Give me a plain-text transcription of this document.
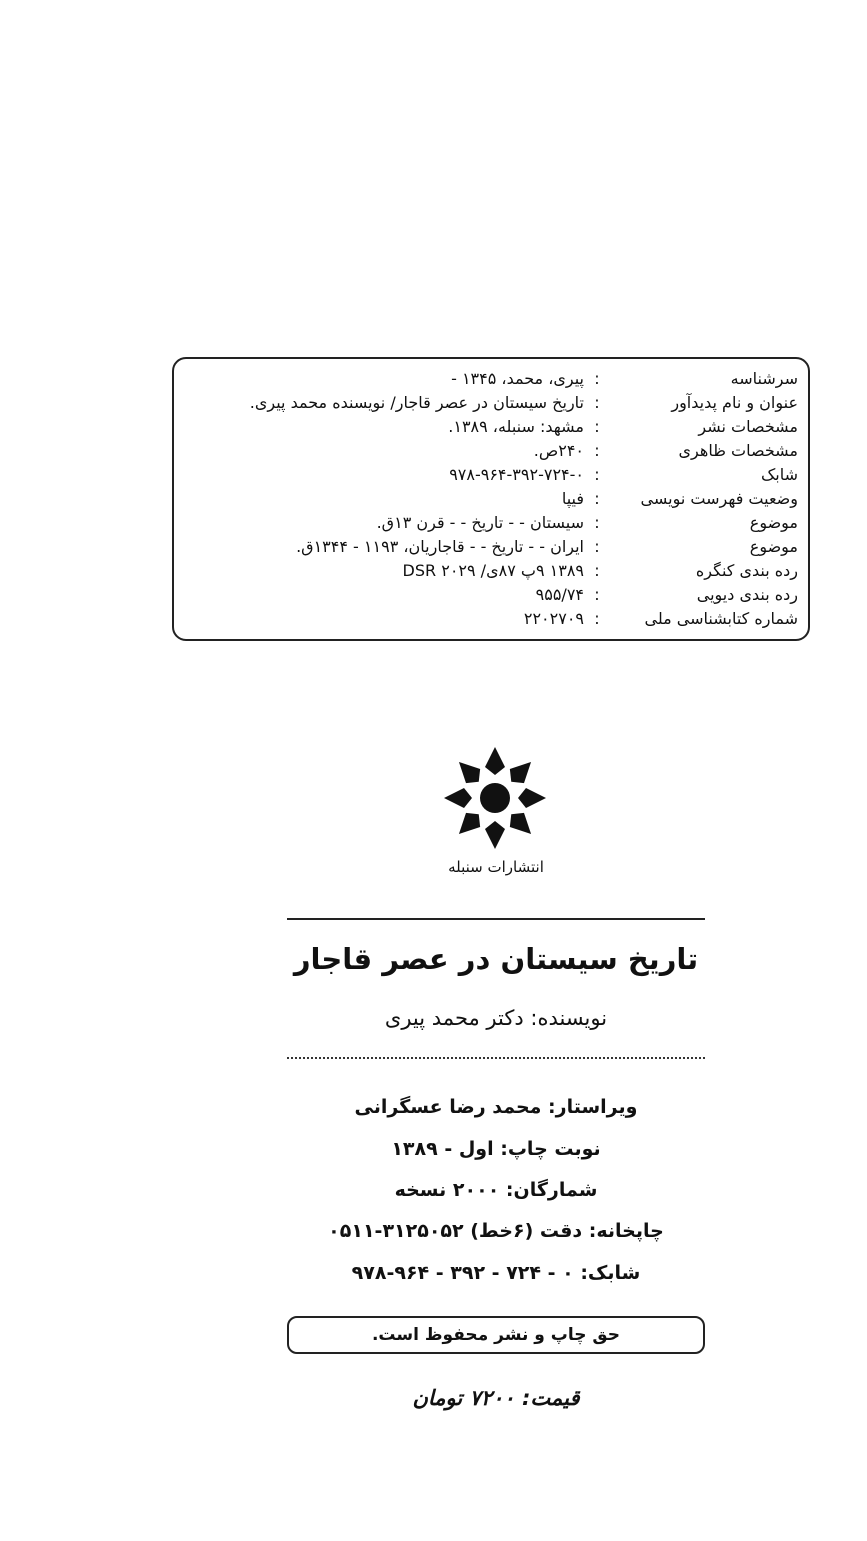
سرشناسه
:
پیری، محمد، ۱۳۴۵ -
عنوان و نام پدیدآور
:
تاریخ سیستان در عصر قاجار/ نویسنده محمد پیری.
مشخصات نشر
:
مشهد: سنبله، ۱۳۸۹.
مشخصات ظاهری
:
۲۴۰ص.
شابک
:
۹۷۸-۹۶۴-۳۹۲-۷۲۴-۰
وضعیت فهرست نویسی
:
فیپا
موضوع
:
سیستان - - تاریخ - - قرن ۱۳ق.
موضوع
:
ایران - - تاریخ - - قاجاریان، ۱۱۹۳ - ۱۳۴۴ق.
رده بندی کنگره
:
۱۳۸۹ ۹پ ۸۷ی/ ۲۰۲۹ DSR
رده بندی دیویی
:
۹۵۵/۷۴
شماره کتابشناسی ملی
:
۲۲۰۲۷۰۹
انتشارات سنبله
تاریخ سیستان در عصر قاجار
نویسنده: دکتر محمد پیری
ویراستار: محمد رضا عسگرانی
نوبت چاپ: اول - ۱۳۸۹
شمارگان: ۲۰۰۰ نسخه
چاپخانه: دقت (۶خط) ۳۱۲۵۰۵۲-۰۵۱۱
شابک: ۰ - ۷۲۴ - ۳۹۲ - ۹۶۴-۹۷۸
حق چاپ و نشر محفوظ است.
قیمت: ۷۲۰۰ تومان
